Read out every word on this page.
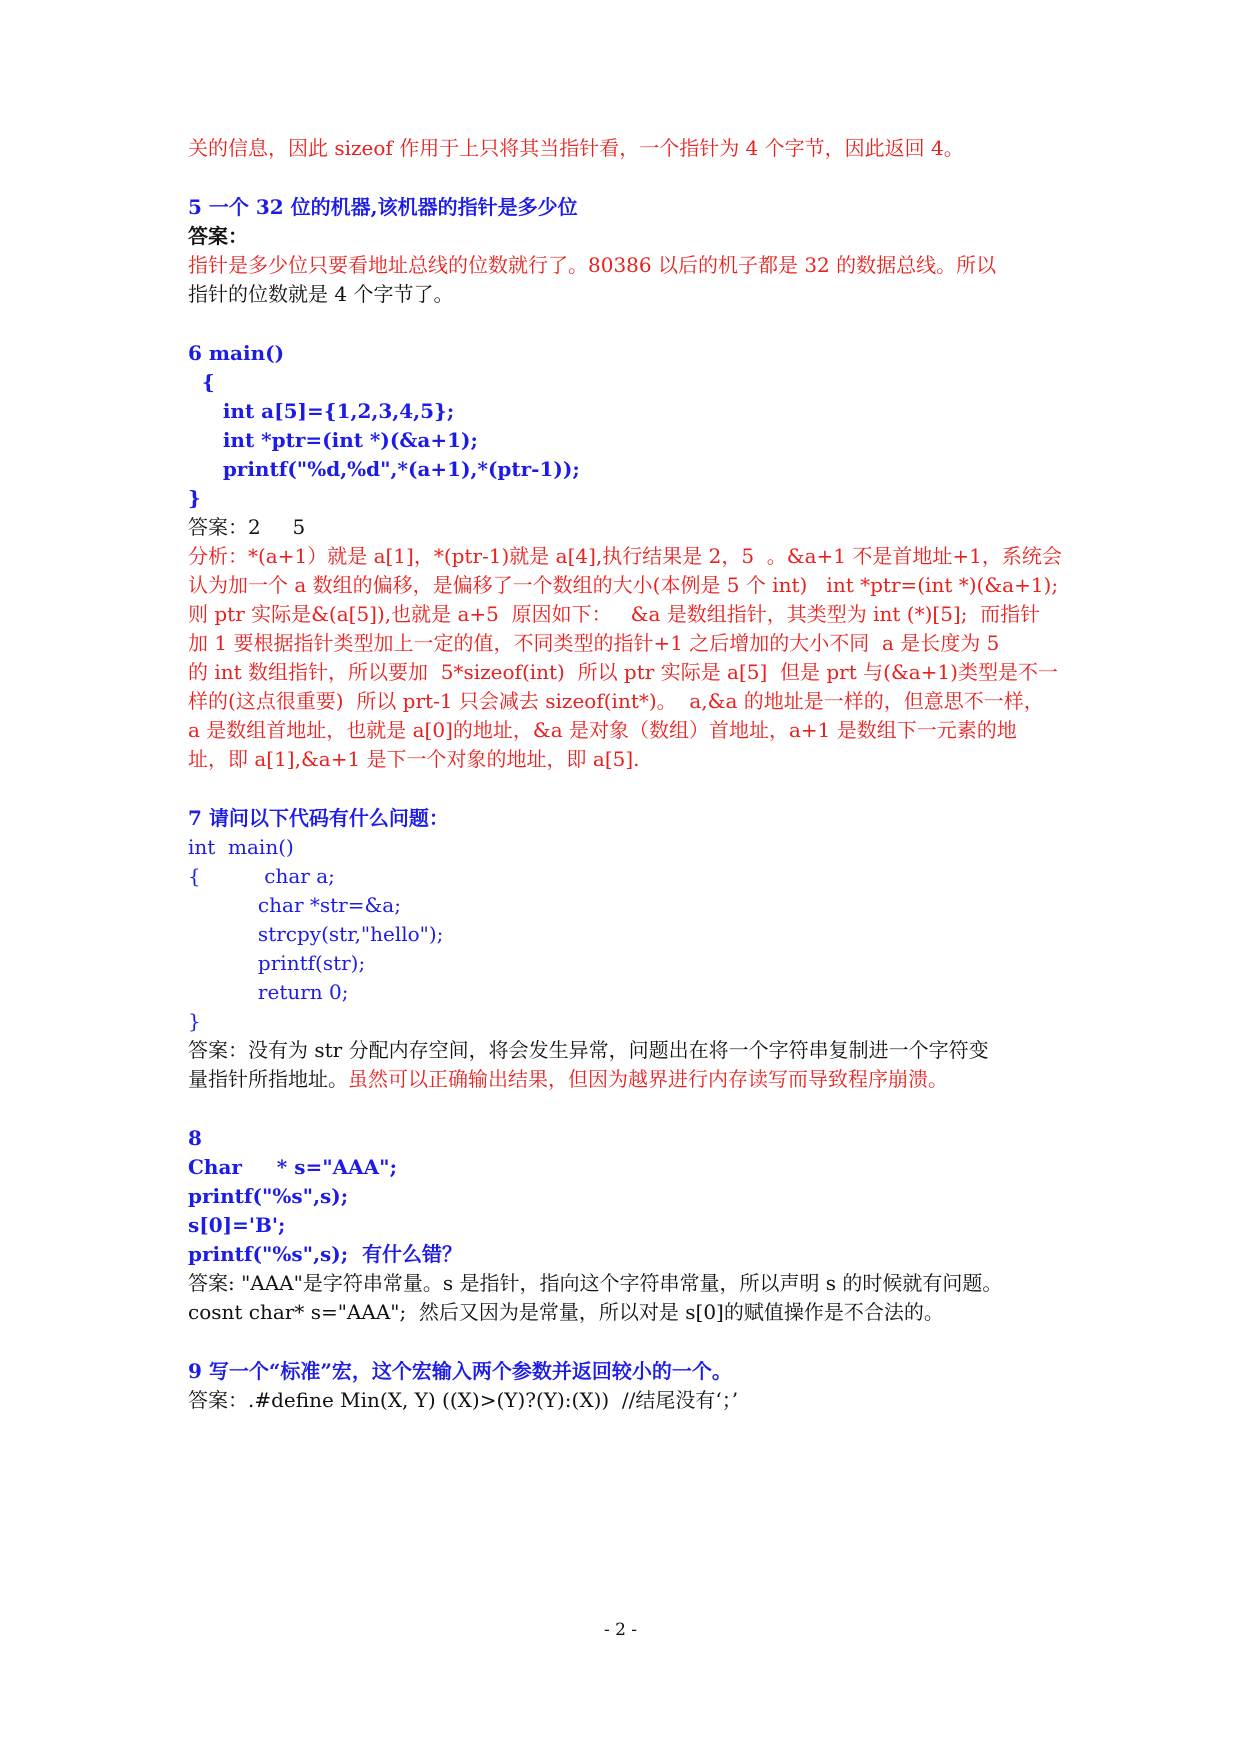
关的信息，因此 sizeof 作用于上只将其当指针看，一个指针为 4 个字节，因此返回 4。
5 一个 32 位的机器,该机器的指针是多少位
答案：
指针是多少位只要看地址总线的位数就行了。80386 以后的机子都是 32 的数据总线。所以
指针的位数就是 4 个字节了。
6 main()
{
int a[5]={1,2,3,4,5};
int *ptr=(int *)(&a+1);
printf("%d,%d",*(a+1),*(ptr-1));
}
答案：2     5
分析：*(a+1）就是 a[1]，*(ptr-1)就是 a[4],执行结果是 2，5  。&a+1 不是首地址+1，系统会
认为加一个 a 数组的偏移，是偏移了一个数组的大小(本例是 5 个 int)   int *ptr=(int *)(&a+1);
则 ptr 实际是&(a[5]),也就是 a+5  原因如下：   &a 是数组指针，其类型为 int (*)[5];  而指针
加 1 要根据指针类型加上一定的值，不同类型的指针+1 之后增加的大小不同  a 是长度为 5
的 int 数组指针，所以要加  5*sizeof(int)  所以 ptr 实际是 a[5]  但是 prt 与(&a+1)类型是不一
样的(这点很重要)  所以 prt-1 只会减去 sizeof(int*)。  a,&a 的地址是一样的，但意思不一样，
a 是数组首地址，也就是 a[0]的地址，&a 是对象（数组）首地址，a+1 是数组下一元素的地
址，即 a[1],&a+1 是下一个对象的地址，即 a[5].
7 请问以下代码有什么问题：
int  main()
{          char a;
char *str=&a;
strcpy(str,"hello");
printf(str);
return 0;
}
答案：没有为 str 分配内存空间，将会发生异常，问题出在将一个字符串复制进一个字符变
量指针所指地址。虽然可以正确输出结果，但因为越界进行内存读写而导致程序崩溃。
8
Char     * s="AAA";
printf("%s",s);
s[0]='B';
printf("%s",s);  有什么错？
答案: "AAA"是字符串常量。s 是指针，指向这个字符串常量，所以声明 s 的时候就有问题。
cosnt char* s="AAA";  然后又因为是常量，所以对是 s[0]的赋值操作是不合法的。
9 写一个“标准”宏，这个宏输入两个参数并返回较小的一个。
答案：.#define Min(X, Y) ((X)>(Y)?(Y):(X))  //结尾没有‘；’
- 2 -
